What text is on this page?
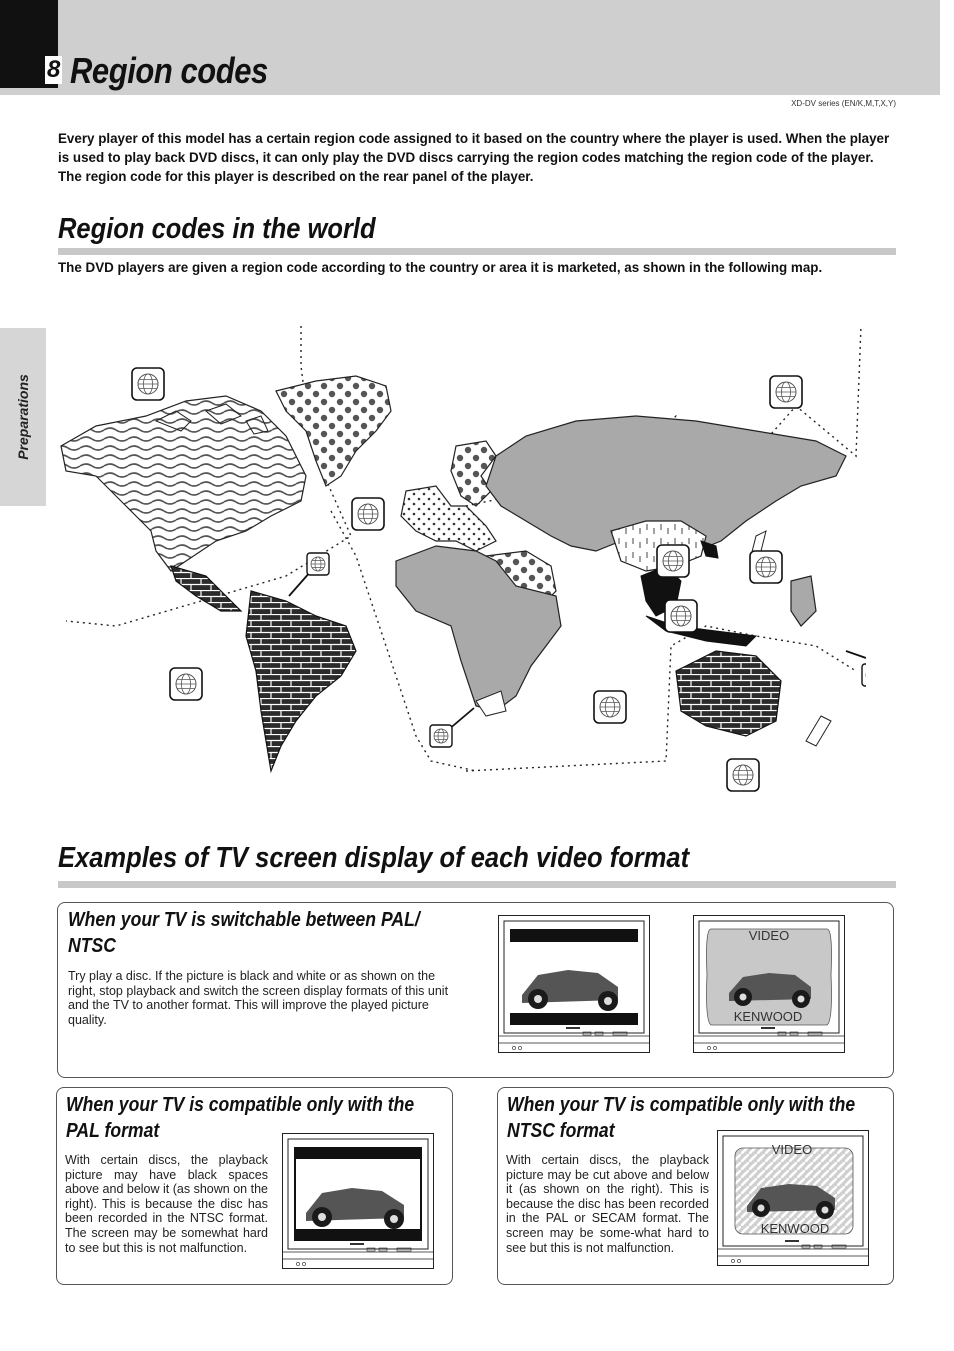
8 Region codes
XD-DV series (EN/K,M,T,X,Y)
Preparations

Every player of this model has a certain region code assigned to it based on the country where the player is used. When the player is used to play back DVD discs, it can only play the DVD discs carrying the region codes matching the region code of the player.

The region code for this player is described on the rear panel of the player.

Region codes in the world
The DVD players are given a region code according to the country or area it is marketed, as shown in the following map.
Examples of TV screen display of each video format
When your TV is switchable between PAL/ NTSC
Try play a disc. If the picture is black and white or as shown on the right, stop playback and switch the screen display formats of this unit and the TV to another format. This will improve the played picture quality.
VIDEO
KENWOOD
When your TV is compatible only with the PAL format
With certain discs, the playback picture may have black spaces above and below it (as shown on the right). This is because the disc has been recorded in the NTSC format. The screen may be somewhat hard to see but this is not malfunction.
When your TV is compatible only with the NTSC format
With certain discs, the playback picture may be cut above and below it (as shown on the right). This is because the disc has been recorded in the PAL or SECAM format. The screen may be some-what hard to see but this is not malfunction.
VIDEO
KENWOOD
